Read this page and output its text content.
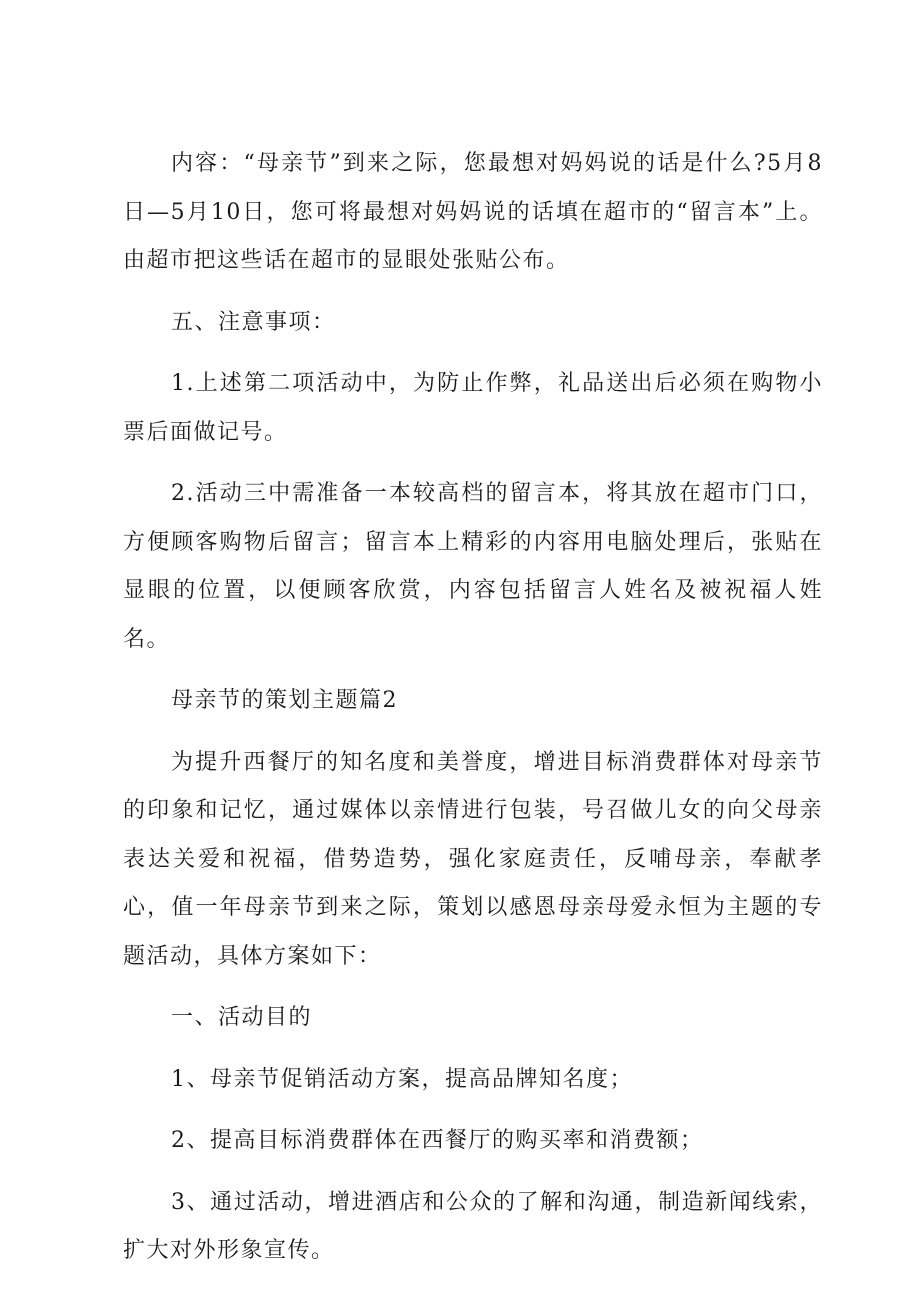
内容：“母亲节”到来之际，您最想对妈妈说的话是什么?5月8日—5月10日，您可将最想对妈妈说的话填在超市的“留言本”上。由超市把这些话在超市的显眼处张贴公布。

五、注意事项：

1.上述第二项活动中，为防止作弊，礼品送出后必须在购物小票后面做记号。

2.活动三中需准备一本较高档的留言本，将其放在超市门口，方便顾客购物后留言；留言本上精彩的内容用电脑处理后，张贴在显眼的位置，以便顾客欣赏，内容包括留言人姓名及被祝福人姓名。

母亲节的策划主题篇2

为提升西餐厅的知名度和美誉度，增进目标消费群体对母亲节的印象和记忆，通过媒体以亲情进行包装，号召做儿女的向父母亲表达关爱和祝福，借势造势，强化家庭责任，反哺母亲，奉献孝心，值一年母亲节到来之际，策划以感恩母亲母爱永恒为主题的专题活动，具体方案如下：

一、活动目的

1、母亲节促销活动方案，提高品牌知名度；

2、提高目标消费群体在西餐厅的购买率和消费额；

3、通过活动，增进酒店和公众的了解和沟通，制造新闻线索，扩大对外形象宣传。
